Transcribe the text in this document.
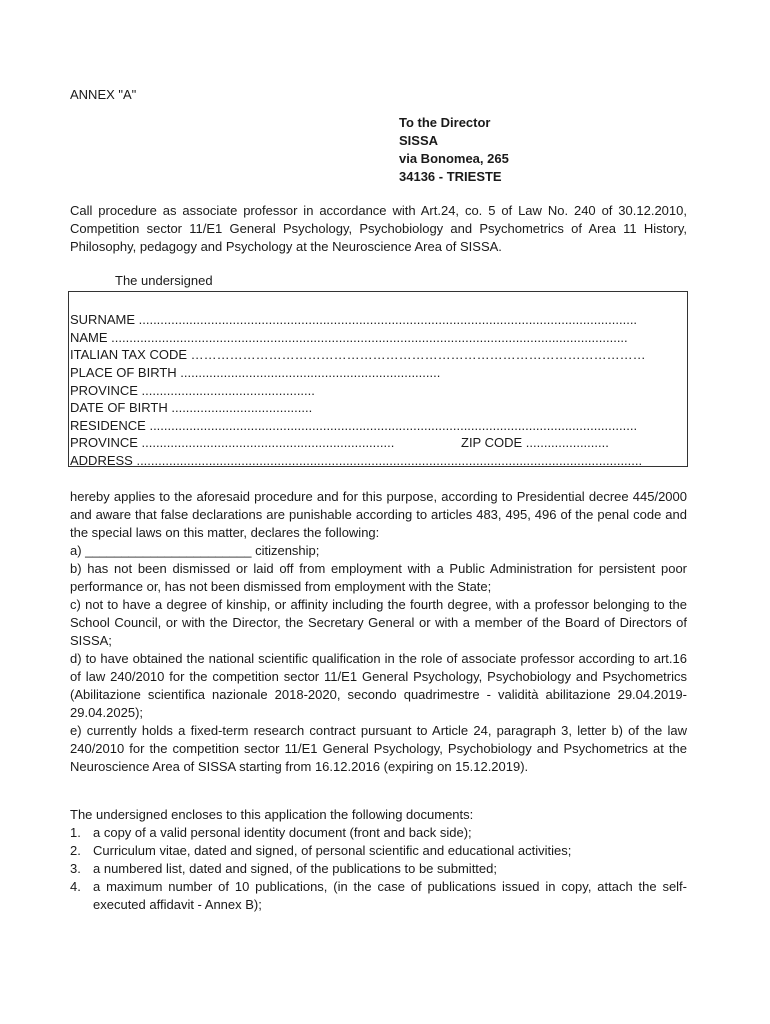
ANNEX "A"
To the Director
SISSA
via Bonomea, 265
34136 - TRIESTE
Call procedure as associate professor in accordance with Art.24, co. 5 of Law No. 240 of 30.12.2010, Competition sector 11/E1 General Psychology, Psychobiology and Psychometrics of Area 11 History, Philosophy, pedagogy and Psychology at the Neuroscience Area of SISSA.
The undersigned
SURNAME ..........................................................................................................................................
NAME ...............................................................................................................................................
ITALIAN TAX CODE ……………………………………………………………………………………………
PLACE OF BIRTH ........................................................................
PROVINCE ................................................
DATE OF BIRTH .......................................
RESIDENCE .......................................................................................................................................
PROVINCE ......................................................................	ZIP CODE .......................
ADDRESS ............................................................................................................................................

hereby applies to the aforesaid procedure and for this purpose, according to Presidential decree 445/2000 and aware that false declarations are punishable according to articles 483, 495, 496 of the penal code and the special laws on this matter, declares the following:

a) _______________________ citizenship;

b) has not been dismissed or laid off from employment with a Public Administration for persistent poor performance or, has not been dismissed from employment with the State;

c) not to have a degree of kinship, or affinity including the fourth degree, with a professor belonging to the School Council, or with the Director, the Secretary General or with a member of the Board of Directors of SISSA;

d) to have obtained the national scientific qualification in the role of associate professor according to art.16 of law 240/2010 for the competition sector 11/E1 General Psychology, Psychobiology and Psychometrics (Abilitazione scientifica nazionale 2018-2020, secondo quadrimestre - validità abilitazione 29.04.2019-29.04.2025);

e) currently holds a fixed-term research contract pursuant to Article 24, paragraph 3, letter b) of the law 240/2010 for the competition sector 11/E1 General Psychology, Psychobiology and Psychometrics at the Neuroscience Area of SISSA starting from 16.12.2016 (expiring on 15.12.2019).

The undersigned encloses to this application the following documents:

1. a copy of a valid personal identity document (front and back side);
2. Curriculum vitae, dated and signed, of personal scientific and educational activities;
3. a numbered list, dated and signed, of the publications to be submitted;
4. a maximum number of 10 publications, (in the case of publications issued in copy, attach the self-executed affidavit - Annex B);
